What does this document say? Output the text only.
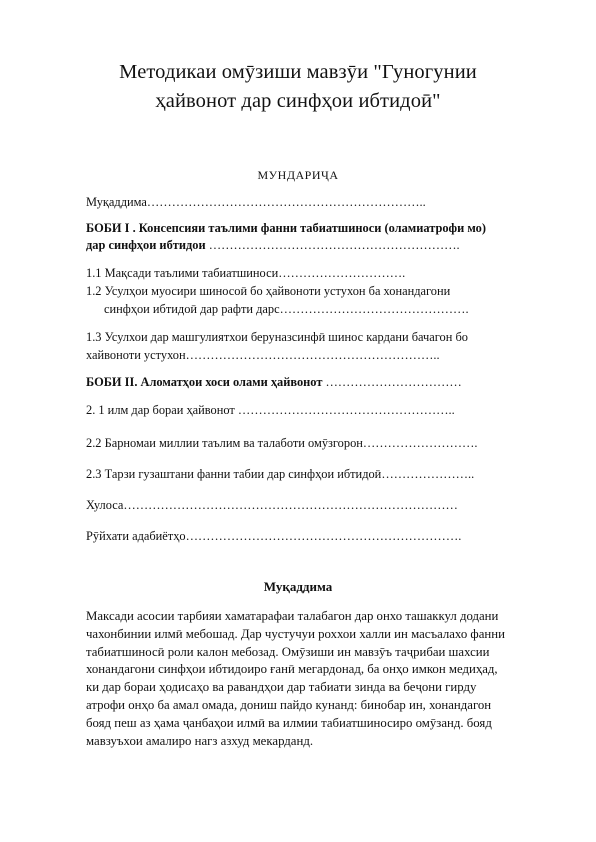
Методикаи омӯзиши мавзӯи "Гуногунии
ҳайвонот дар синфҳои ибтидоӣ"
МУНДАРИҶА
Муқаддима…………………………………………………………..
БОБИ I . Консепсияи таълими фанни табиатшиноси (оламиатрофи мо)
дар синфҳои ибтидои …………………………………………………….
1.1 Мақсади таълими табиатшиноси………………………….
1.2 Усулҳои муосири шиносоӣ бо ҳайвоноти устухон ба хонандагони
синфҳои ибтидоӣ дар рафти дарс……………………………………….
1.3 Усулхои дар машгулиятхои беруназсинфӣ шинос кардани бачагон бо
хайвоноти устухон……………………………………………………..
БОБИ II. Аломатҳои хоси олами ҳайвонот ……………………………
2. 1 илм дар бораи ҳайвонот ……………………………………………..
2.2 Барномаи миллии таълим ва талаботи омӯзгорон……………………….
2.3 Тарзи гузаштани фанни табии дар синфҳои ибтидоӣ…………………..
Хулоса………………………………………………………………………
Рӯйхати адабиётҳо………………………………………………………….
Муқаддима
Максади асосии тарбияи хаматарафаи талабагон дар онхо ташаккул додани
чахонбинии илмӣ мебошад. Дар чустучуи роххои халли ин масъалахо фанни
табиатшиносӣ роли калон мебозад. Омӯзиши ин мавзӯъ таҷрибаи шахсии
хонандагони синфҳои ибтидоиро ғанӣ мегардонад, ба онҳо имкон медиҳад,
ки дар бораи ҳодисаҳо ва равандҳои дар табиати зинда ва беҷони гирду
атрофи онҳо ба амал омада, дониш пайдо кунанд: бинобар ин, хонандагон
бояд пеш аз ҳама ҷанбаҳои илмӣ ва илмии табиатшиносиро омӯзанд. бояд
мавзуъхои амалиро нагз азхуд мекарданд.
